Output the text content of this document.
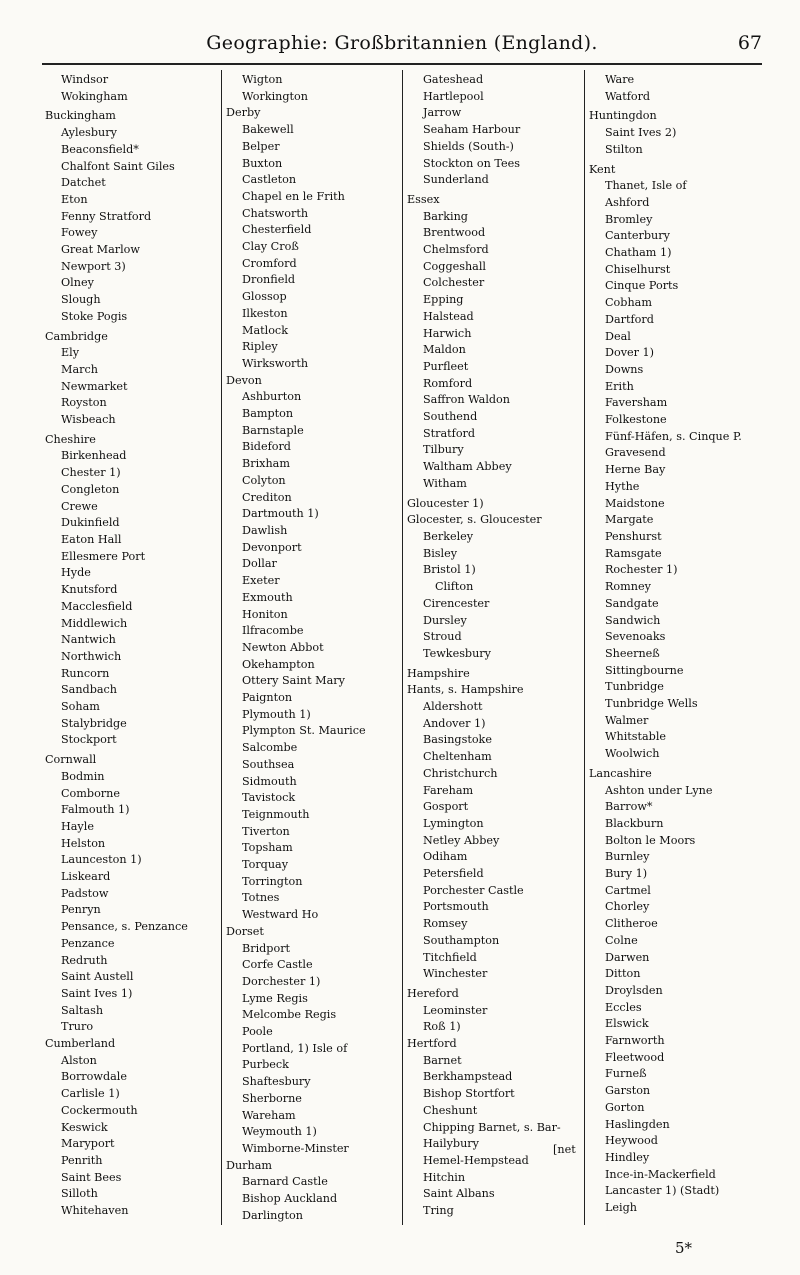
Geographie: Großbritannien (England).	67
Windsor
Wokingham
Buckingham
Aylesbury
Beaconsfield*
Chalfont Saint Giles
Datchet
Eton
Fenny Stratford
Fowey
Great Marlow
Newport 3)
Olney
Slough
Stoke Pogis
Cambridge
Ely
March
Newmarket
Royston
Wisbeach
Cheshire
Birkenhead
Chester 1)
Congleton
Crewe
Dukinfield
Eaton Hall
Ellesmere Port
Hyde
Knutsford
Macclesfield
Middlewich
Nantwich
Northwich
Runcorn
Sandbach
Soham
Stalybridge
Stockport
Cornwall
Bodmin
Comborne
Falmouth 1)
Hayle
Helston
Launceston 1)
Liskeard
Padstow
Penryn
Pensance, s. Penzance
Penzance
Redruth
Saint Austell
Saint Ives 1)
Saltash
Truro
Cumberland
Alston
Borrowdale
Carlisle 1)
Cockermouth
Keswick
Maryport
Penrith
Saint Bees
Silloth
Whitehaven
Wigton
Workington
Derby
Bakewell
Belper
Buxton
Castleton
Chapel en le Frith
Chatsworth
Chesterfield
Clay Croß
Cromford
Dronfield
Glossop
Ilkeston
Matlock
Ripley
Wirksworth
Devon
Ashburton
Bampton
Barnstaple
Bideford
Brixham
Colyton
Crediton
Dartmouth 1)
Dawlish
Devonport
Dollar
Exeter
Exmouth
Honiton
Ilfracombe
Newton Abbot
Okehampton
Ottery Saint Mary
Paignton
Plymouth 1)
Plympton St. Maurice
Salcombe
Southsea
Sidmouth
Tavistock
Teignmouth
Tiverton
Topsham
Torquay
Torrington
Totnes
Westward Ho
Dorset
Bridport
Corfe Castle
Dorchester 1)
Lyme Regis
Melcombe Regis
Poole
Portland, 1) Isle of
Purbeck
Shaftesbury
Sherborne
Wareham
Weymouth 1)
Wimborne-Minster
Durham
Barnard Castle
Bishop Auckland
Darlington
Gateshead
Hartlepool
Jarrow
Seaham Harbour
Shields (South-)
Stockton on Tees
Sunderland
Essex
Barking
Brentwood
Chelmsford
Coggeshall
Colchester
Epping
Halstead
Harwich
Maldon
Purfleet
Romford
Saffron Waldon
Southend
Stratford
Tilbury
Waltham Abbey
Witham
Gloucester 1)
Glocester, s. Gloucester
Berkeley
Bisley
Bristol 1)
Clifton
Cirencester
Dursley
Stroud
Tewkesbury
Hampshire
Hants, s. Hampshire
Aldershott
Andover 1)
Basingstoke
Cheltenham
Christchurch
Fareham
Gosport
Lymington
Netley Abbey
Odiham
Petersfield
Porchester Castle
Portsmouth
Romsey
Southampton
Titchfield
Winchester
Hereford
Leominster
Roß 1)
Hertford
Barnet
Berkhampstead
Bishop Stortfort
Cheshunt
Chipping Barnet, s. Bar-
Hailybury
Hemel-Hempstead
Hitchin
Saint Albans
Tring
Ware
Watford
Huntingdon
Saint Ives 2)
Stilton
Kent
Thanet, Isle of
Ashford
Bromley
Canterbury
Chatham 1)
Chiselhurst
Cinque Ports
Cobham
Dartford
Deal
Dover 1)
Downs
Erith
Faversham
Folkestone
Fünf-Häfen, s. Cinque P.
Gravesend
Herne Bay
Hythe
Maidstone
Margate
Penshurst
Ramsgate
Rochester 1)
Romney
Sandgate
Sandwich
Sevenoaks
Sheerneß
Sittingbourne
Tunbridge
Tunbridge Wells
Walmer
Whitstable
Woolwich
Lancashire
Ashton under Lyne
Barrow*
Blackburn
Bolton le Moors
Burnley
Bury 1)
Cartmel
Chorley
Clitheroe
Colne
Darwen
Ditton
Droylsden
Eccles
Elswick
Farnworth
Fleetwood
Furneß
Garston
Gorton
Haslingden
Heywood
Hindley
Ince-in-Mackerfield
Lancaster 1) (Stadt)
Leigh
[net
5*
